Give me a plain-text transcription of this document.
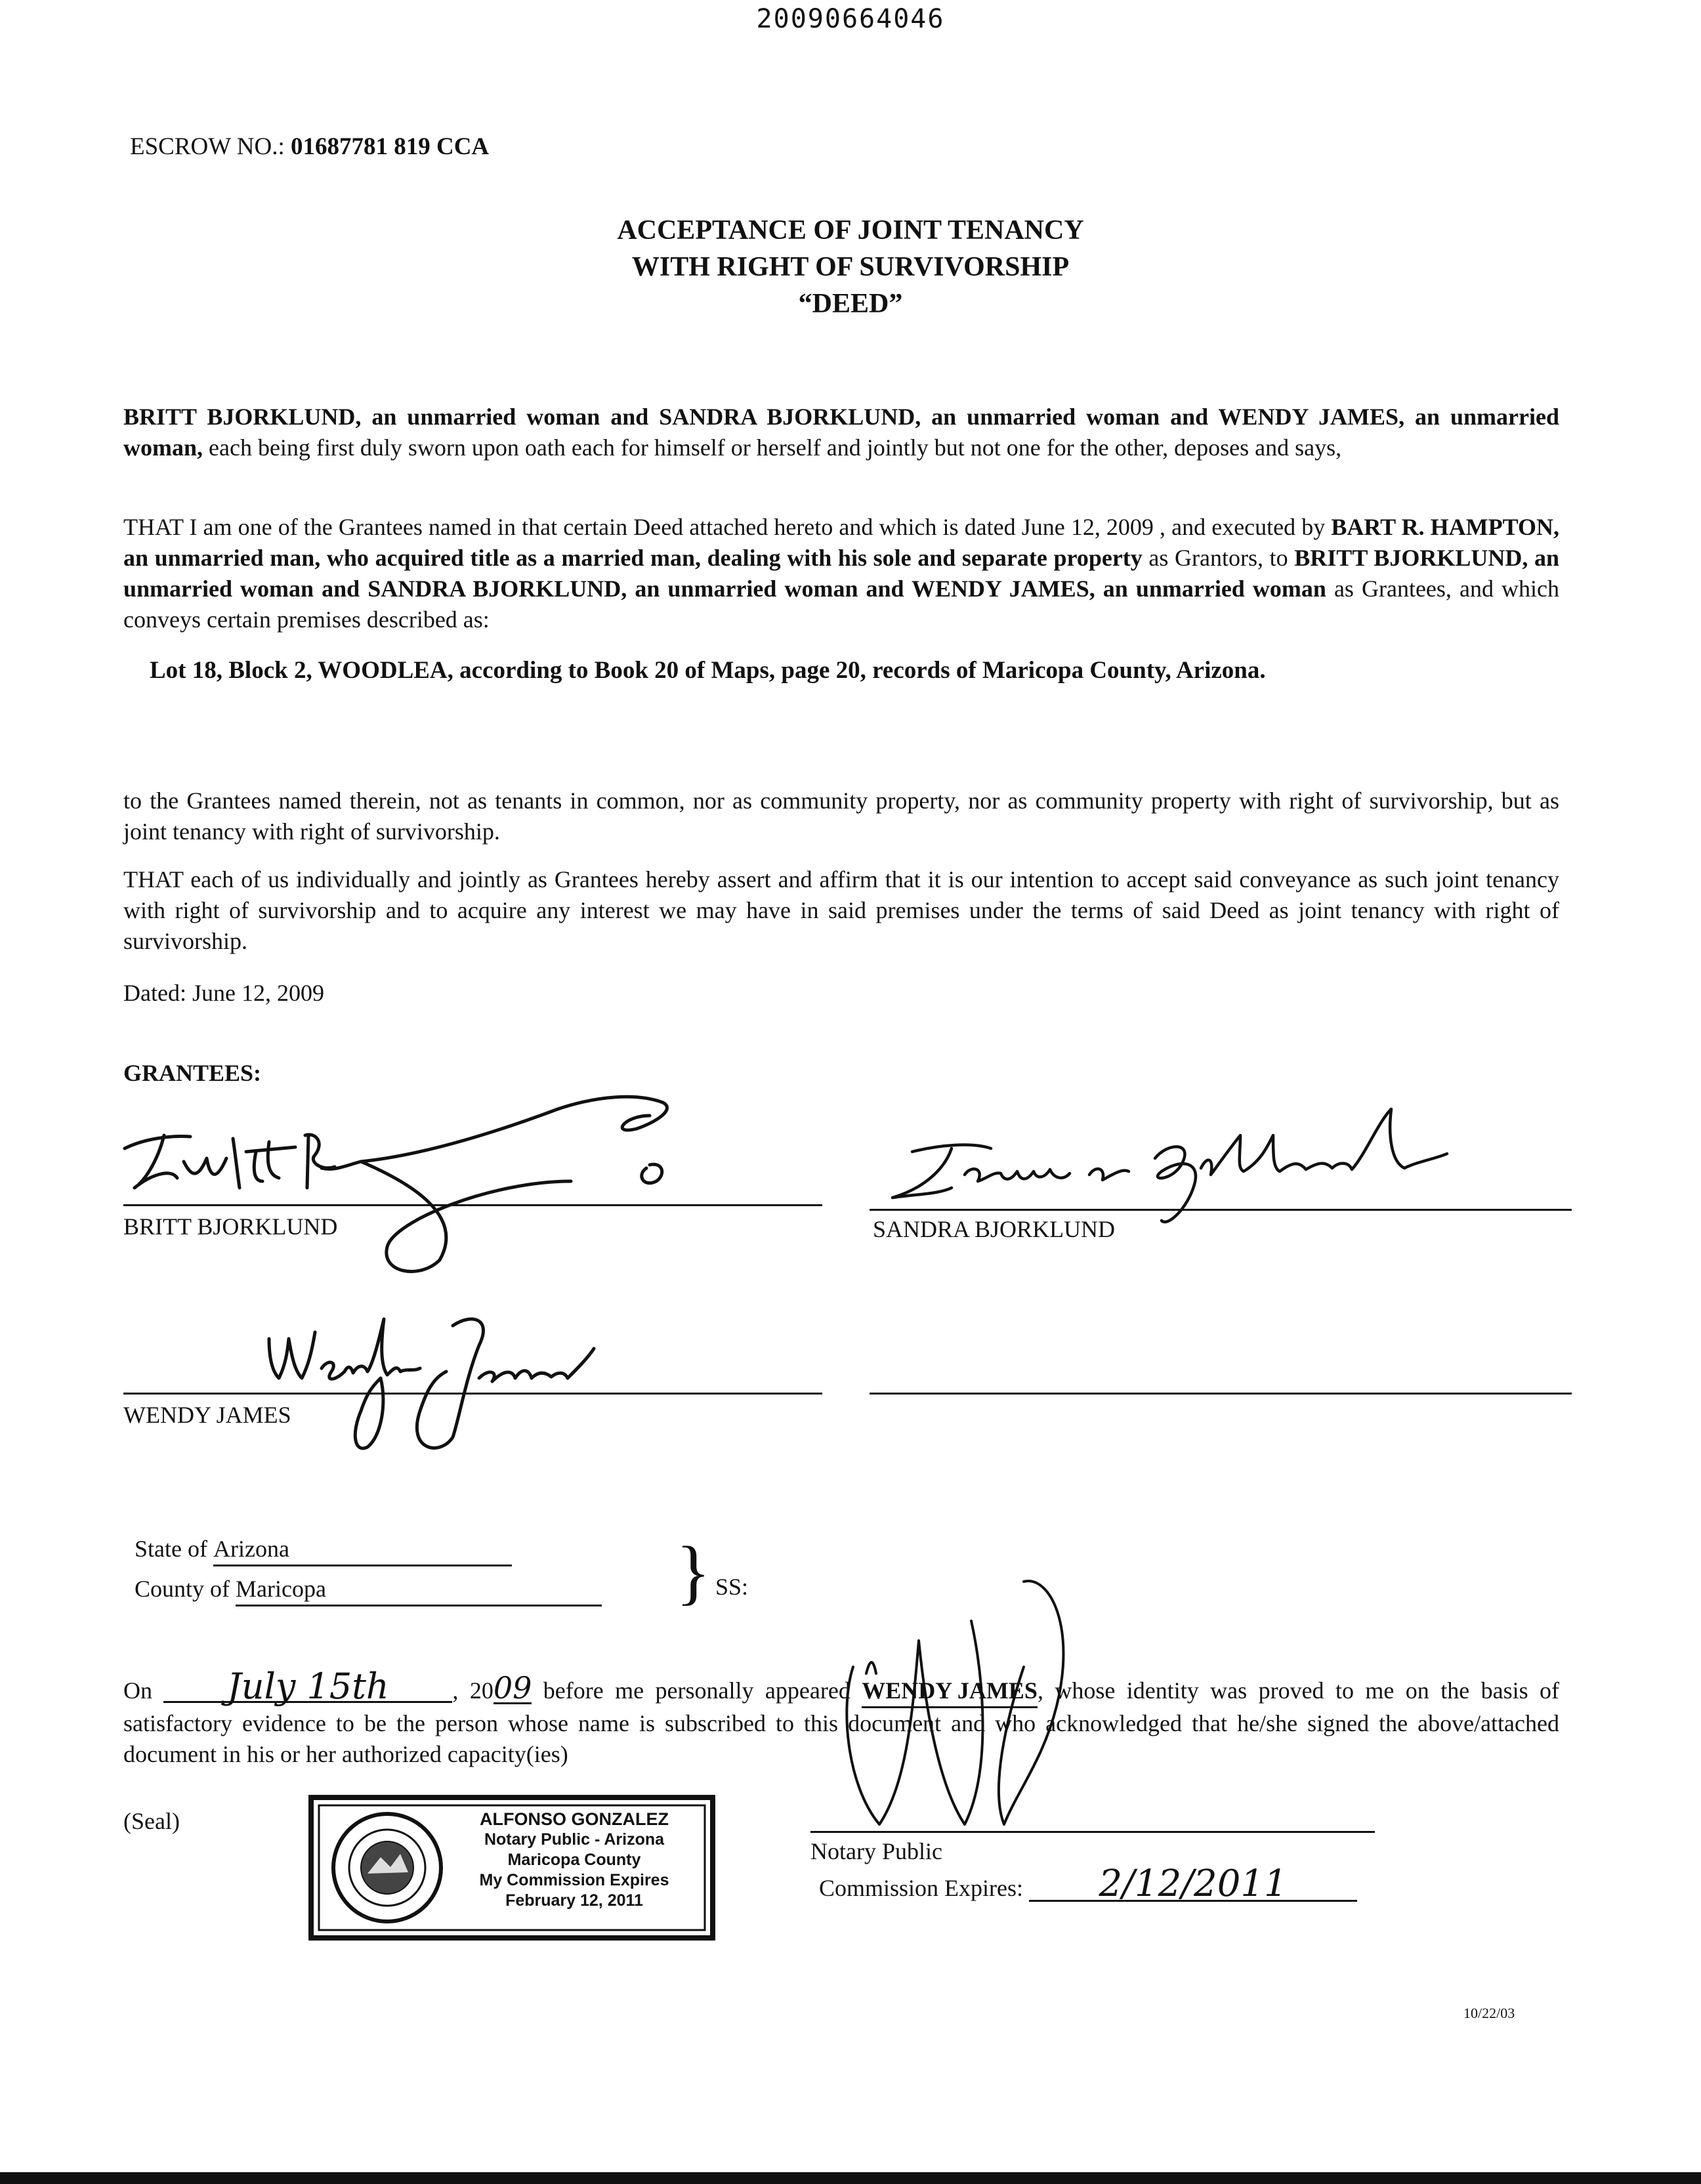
20090664046
ESCROW NO.: 01687781 819 CCA
ACCEPTANCE OF JOINT TENANCY
WITH RIGHT OF SURVIVORSHIP
“DEED”
BRITT BJORKLUND, an unmarried woman and SANDRA BJORKLUND, an unmarried woman and WENDY JAMES, an unmarried woman, each being first duly sworn upon oath each for himself or herself and jointly but not one for the other, deposes and says,
THAT I am one of the Grantees named in that certain Deed attached hereto and which is dated June 12, 2009 , and executed by BART R. HAMPTON, an unmarried man, who acquired title as a married man, dealing with his sole and separate property as Grantors, to BRITT BJORKLUND, an unmarried woman and SANDRA BJORKLUND, an unmarried woman and WENDY JAMES, an unmarried woman as Grantees, and which conveys certain premises described as:
Lot 18, Block 2, WOODLEA, according to Book 20 of Maps, page 20, records of Maricopa County, Arizona.
to the Grantees named therein, not as tenants in common, nor as community property, nor as community property with right of survivorship, but as joint tenancy with right of survivorship.
THAT each of us individually and jointly as Grantees hereby assert and affirm that it is our intention to accept said conveyance as such joint tenancy with right of survivorship and to acquire any interest we may have in said premises under the terms of said Deed as joint tenancy with right of survivorship.
Dated: June 12, 2009
GRANTEES:
BRITT BJORKLUND	SANDRA BJORKLUND
WENDY JAMES
State of Arizona
County of Maricopa	} SS:
On July 15th	, 2009 before me personally appeared WENDY JAMES, whose identity was proved to me on the basis of satisfactory evidence to be the person whose name is subscribed to this document and who acknowledged that he/she signed the above/attached document in his or her authorized capacity(ies)
(Seal)	ALFONSO GONZALEZ
Notary Public - Arizona
Maricopa County
My Commission Expires
February 12, 2011
Notary Public
Commission Expires: 2/12/2011
10/22/03
